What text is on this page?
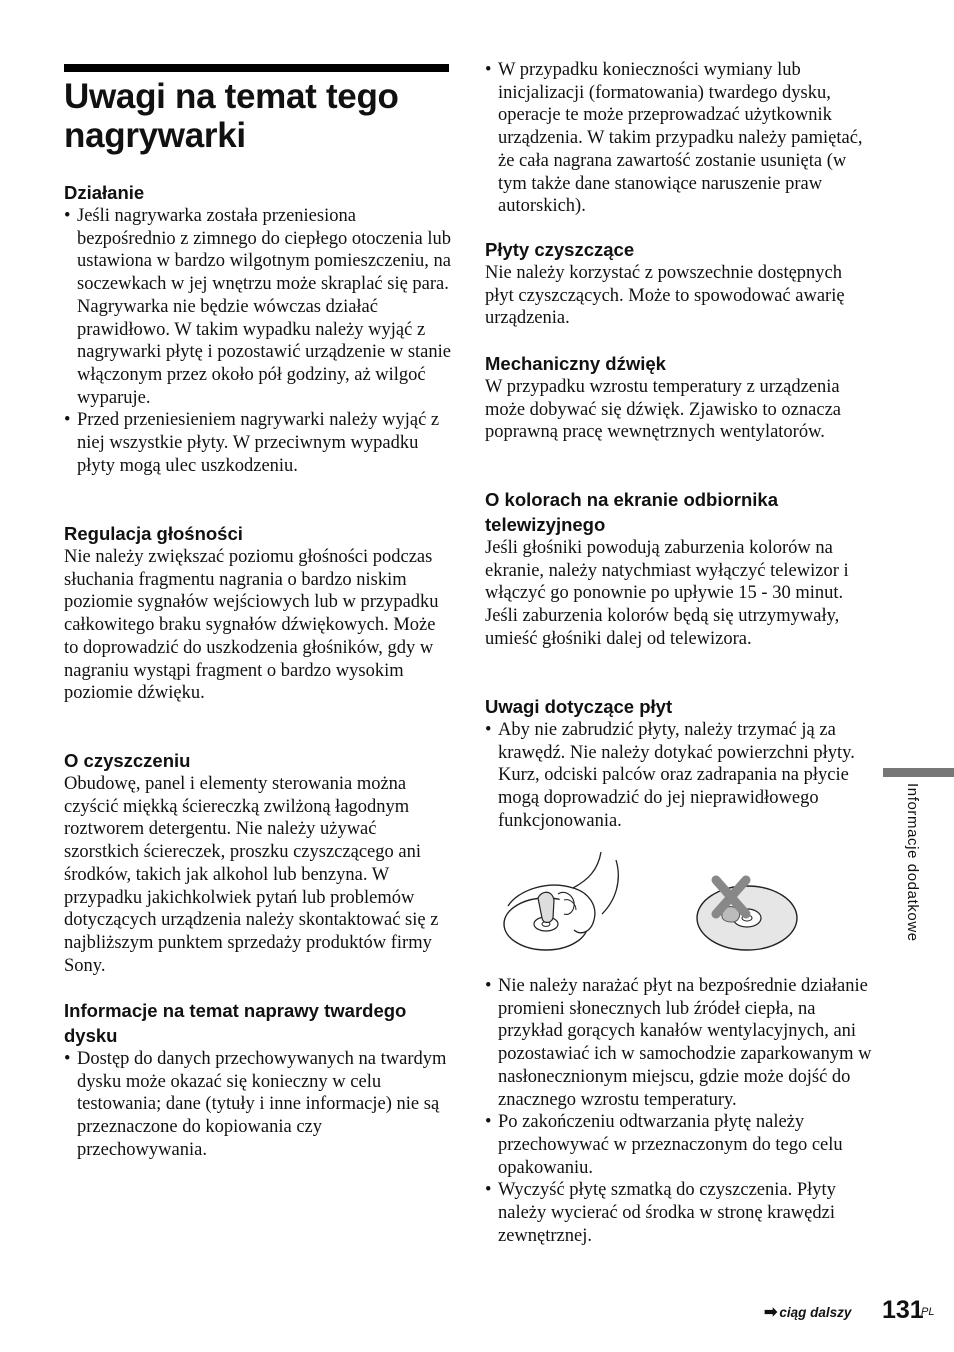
Uwagi na temat tego nagrywarki
Działanie
• Jeśli nagrywarka została przeniesiona bezpośrednio z zimnego do ciepłego otoczenia lub ustawiona w bardzo wilgotnym pomieszczeniu, na soczewkach w jej wnętrzu może skraplać się para. Nagrywarka nie będzie wówczas działać prawidłowo. W takim wypadku należy wyjąć z nagrywarki płytę i pozostawić urządzenie w stanie włączonym przez około pół godziny, aż wilgoć wyparuje.
• Przed przeniesieniem nagrywarki należy wyjąć z niej wszystkie płyty. W przeciwnym wypadku płyty mogą ulec uszkodzeniu.
Regulacja głośności

Nie należy zwiększać poziomu głośności podczas słuchania fragmentu nagrania o bardzo niskim poziomie sygnałów wejściowych lub w przypadku całkowitego braku sygnałów dźwiękowych. Może to doprowadzić do uszkodzenia głośników, gdy w nagraniu wystąpi fragment o bardzo wysokim poziomie dźwięku.

O czyszczeniu

Obudowę, panel i elementy sterowania można czyścić miękką ściereczką zwilżoną łagodnym roztworem detergentu. Nie należy używać szorstkich ściereczek, proszku czyszczącego ani środków, takich jak alkohol lub benzyna. W przypadku jakichkolwiek pytań lub problemów dotyczących urządzenia należy skontaktować się z najbliższym punktem sprzedaży produktów firmy Sony.

Informacje na temat naprawy twardego dysku
• Dostęp do danych przechowywanych na twardym dysku może okazać się konieczny w celu testowania; dane (tytuły i inne informacje) nie są przeznaczone do kopiowania czy przechowywania.
• W przypadku konieczności wymiany lub inicjalizacji (formatowania) twardego dysku, operacje te może przeprowadzać użytkownik urządzenia. W takim przypadku należy pamiętać, że cała nagrana zawartość zostanie usunięta (w tym także dane stanowiące naruszenie praw autorskich).
Płyty czyszczące

Nie należy korzystać z powszechnie dostępnych płyt czyszczących. Może to spowodować awarię urządzenia.

Mechaniczny dźwięk

W przypadku wzrostu temperatury z urządzenia może dobywać się dźwięk. Zjawisko to oznacza poprawną pracę wewnętrznych wentylatorów.

O kolorach na ekranie odbiornika telewizyjnego

Jeśli głośniki powodują zaburzenia kolorów na ekranie, należy natychmiast wyłączyć telewizor i włączyć go ponownie po upływie 15 - 30 minut. Jeśli zaburzenia kolorów będą się utrzymywały, umieść głośniki dalej od telewizora.

Uwagi dotyczące płyt
• Aby nie zabrudzić płyty, należy trzymać ją za krawędź. Nie należy dotykać powierzchni płyty. Kurz, odciski palców oraz zadrapania na płycie mogą doprowadzić do jej nieprawidłowego funkcjonowania.
• Nie należy narażać płyt na bezpośrednie działanie promieni słonecznych lub źródeł ciepła, na przykład gorących kanałów wentylacyjnych, ani pozostawiać ich w samochodzie zaparkowanym w nasłonecznionym miejscu, gdzie może dojść do znacznego wzrostu temperatury.
• Po zakończeniu odtwarzania płytę należy przechowywać w przeznaczonym do tego celu opakowaniu.
• Wyczyść płytę szmatką do czyszczenia. Płyty należy wycierać od środka w stronę krawędzi zewnętrznej.
Informacje dodatkowe
➡ ciąg dalszy 131
PL
